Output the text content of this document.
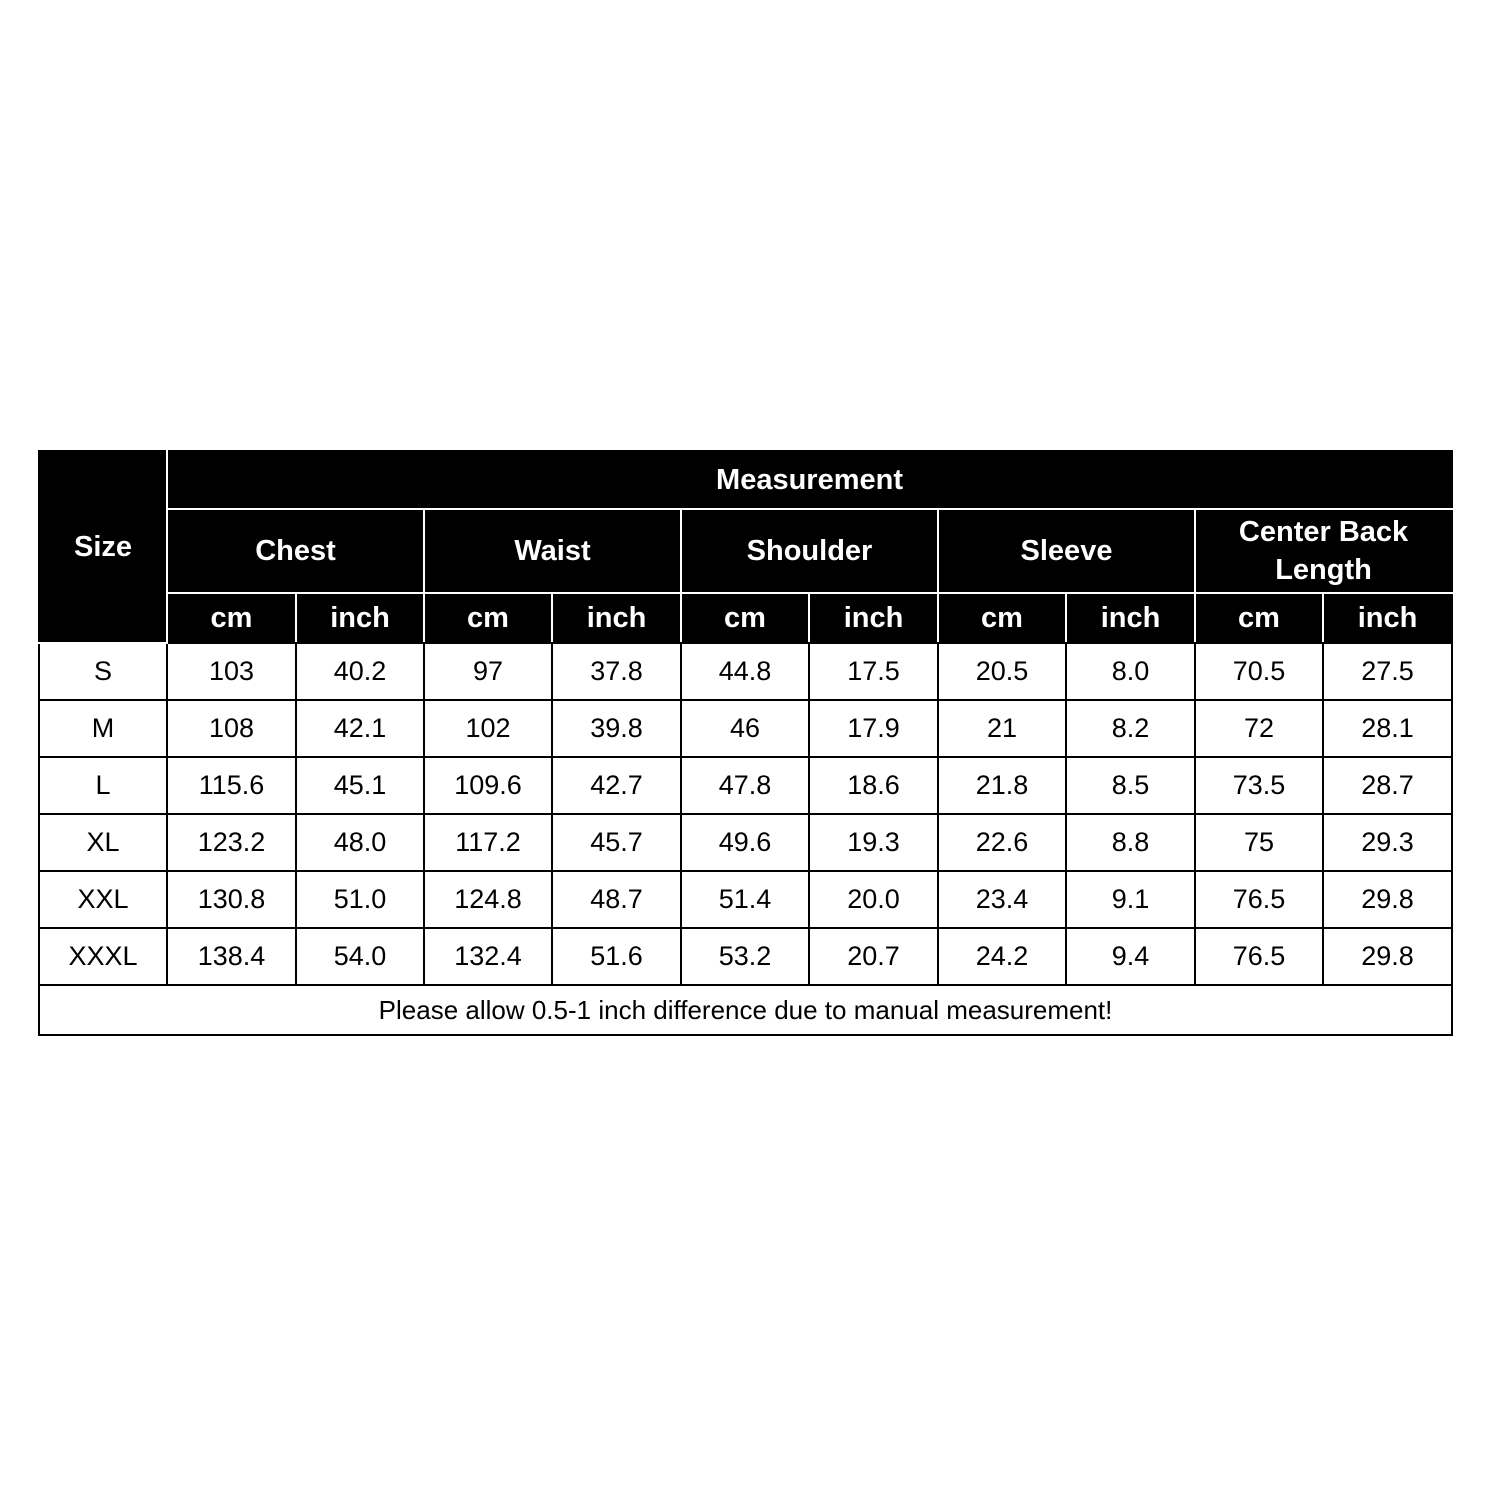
Size	Measurement									
	Chest		Waist		Shoulder		Sleeve		Center Back Length	
	cm	inch	cm	inch	cm	inch	cm	inch	cm	inch
S	103	40.2	97	37.8	44.8	17.5	20.5	8.0	70.5	27.5
M	108	42.1	102	39.8	46	17.9	21	8.2	72	28.1
L	115.6	45.1	109.6	42.7	47.8	18.6	21.8	8.5	73.5	28.7
XL	123.2	48.0	117.2	45.7	49.6	19.3	22.6	8.8	75	29.3
XXL	130.8	51.0	124.8	48.7	51.4	20.0	23.4	9.1	76.5	29.8
XXXL	138.4	54.0	132.4	51.6	53.2	20.7	24.2	9.4	76.5	29.8
Please allow 0.5-1 inch difference due to manual measurement!										
